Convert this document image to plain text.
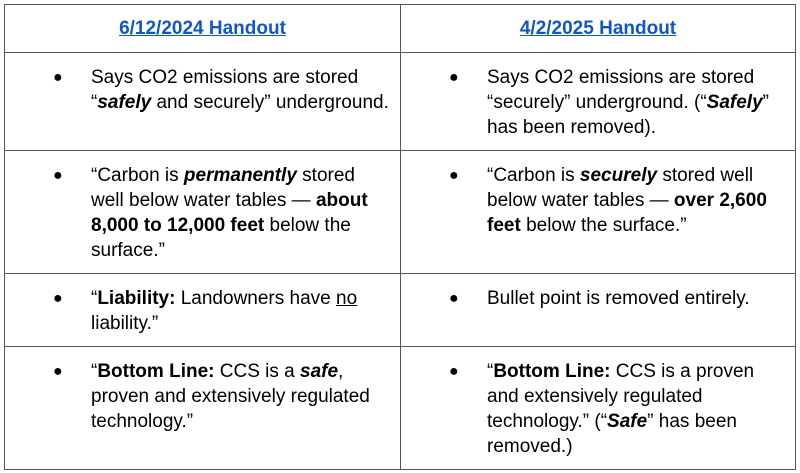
6/12/2024 Handout	4/2/2025 Handout

● Says CO2 emissions are stored “safely and securely” underground.	● Says CO2 emissions are stored “securely” underground. (“Safely” has been removed).

● “Carbon is permanently stored well below water tables — about 8,000 to 12,000 feet below the surface.”	● “Carbon is securely stored well below water tables — over 2,600 feet below the surface.”

● “Liability: Landowners have no liability.”	● Bullet point is removed entirely.

● “Bottom Line: CCS is a safe, proven and extensively regulated technology.”	● “Bottom Line: CCS is a proven and extensively regulated technology.” (“Safe” has been removed.)
